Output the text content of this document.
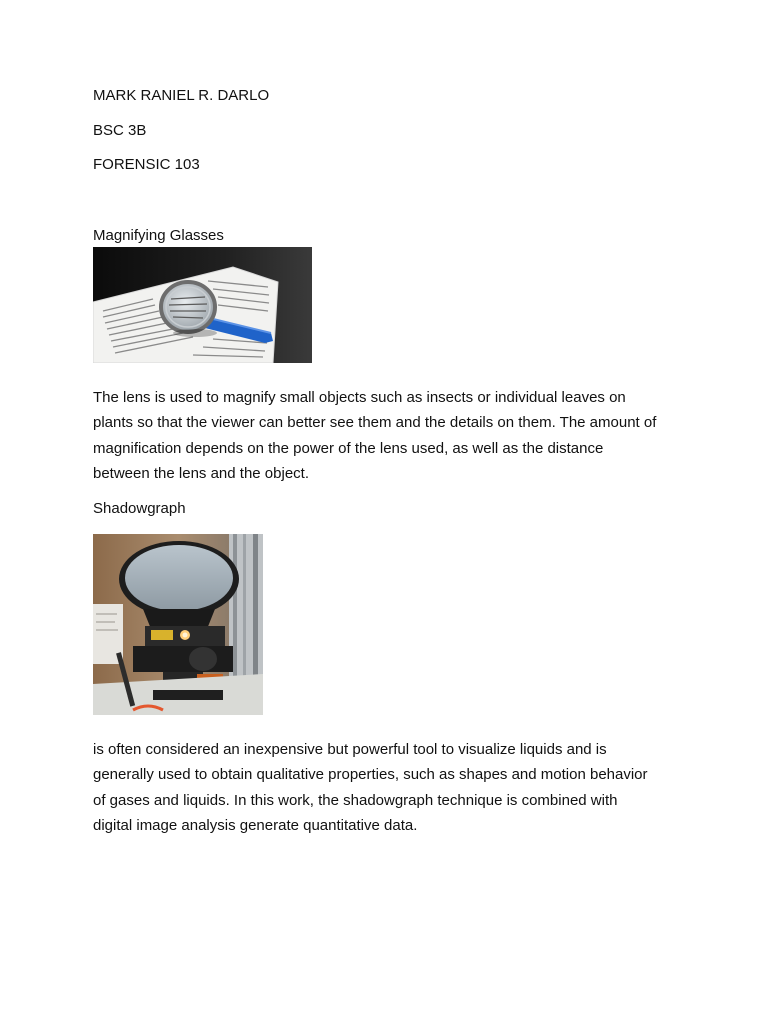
MARK RANIEL R. DARLO
BSC 3B
FORENSIC 103
Magnifying Glasses

The lens is used to magnify small objects such as insects or individual leaves on

plants so that the viewer can better see them and the details on them. The amount of

magnification depends on the power of the lens used, as well as the distance

between the lens and the object.

Shadowgraph

is often considered an inexpensive but powerful tool to visualize liquids and is

generally used to obtain qualitative properties, such as shapes and motion behavior

of gases and liquids. In this work, the shadowgraph technique is combined with

digital image analysis generate quantitative data.
